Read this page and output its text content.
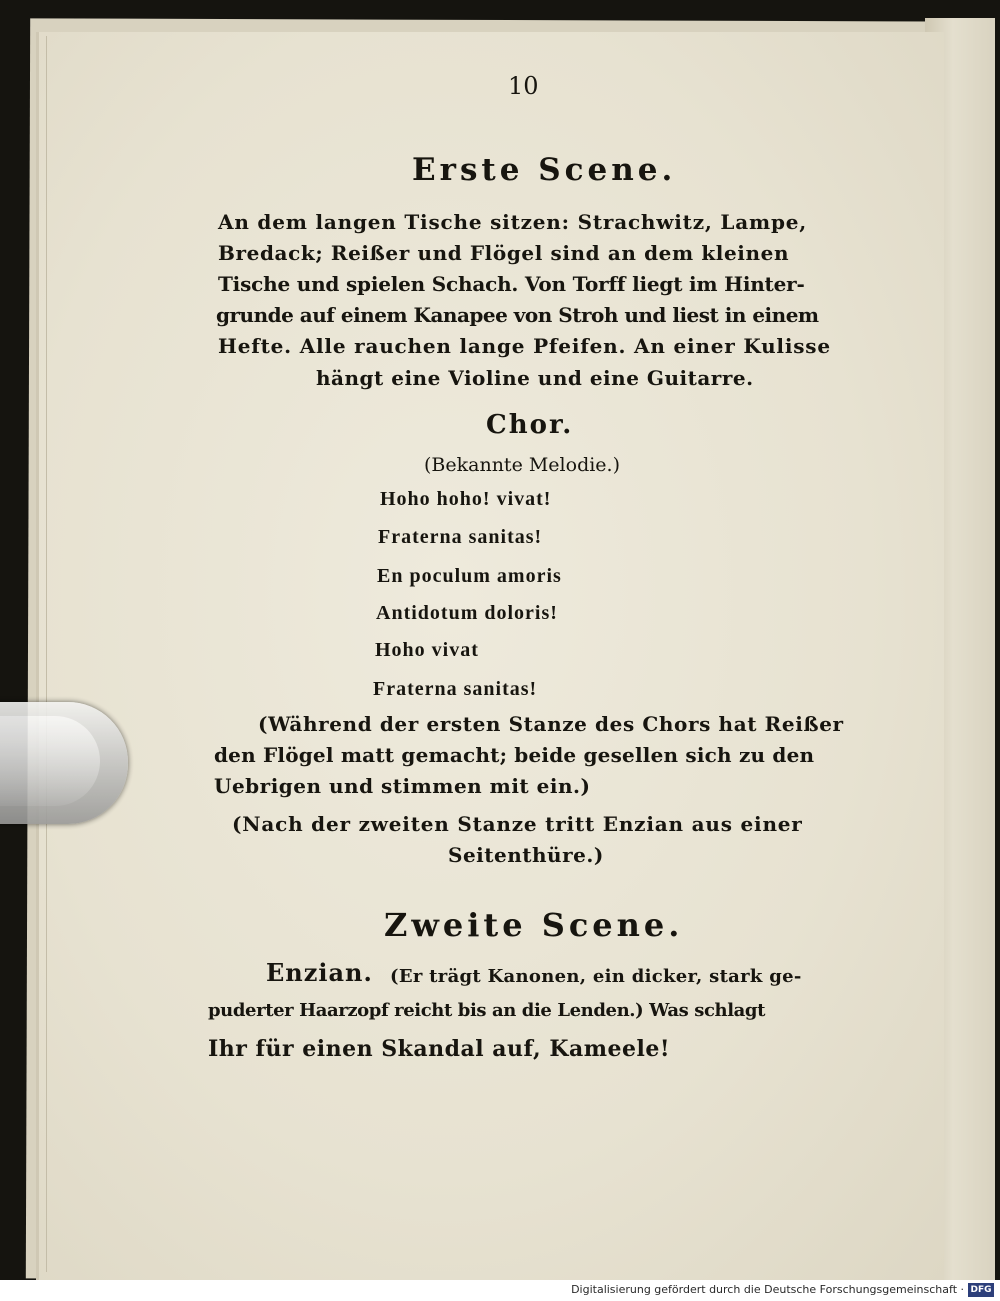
10
Erste Scene.
An dem langen Tische sitzen: Strachwitz, Lampe,
Bredack; Reißer und Flögel sind an dem kleinen
Tische und spielen Schach. Von Torff liegt im Hinter-
grunde auf einem Kanapee von Stroh und liest in einem
Hefte. Alle rauchen lange Pfeifen. An einer Kulisse
hängt eine Violine und eine Guitarre.
Chor.
(Bekannte Melodie.)
Hoho hoho! vivat!
Fraterna sanitas!
En poculum amoris
Antidotum doloris!
Hoho vivat
Fraterna sanitas!
(Während der ersten Stanze des Chors hat Reißer
den Flögel matt gemacht; beide gesellen sich zu den
Uebrigen und stimmen mit ein.)
(Nach der zweiten Stanze tritt Enzian aus einer
Seitenthüre.)
Zweite Scene.
Enzian. (Er trägt Kanonen, ein dicker, stark ge-
puderter Haarzopf reicht bis an die Lenden.) Was schlagt
Ihr für einen Skandal auf, Kameele!
Digitalisierung gefördert durch die Deutsche Forschungsgemeinschaft · DFG
